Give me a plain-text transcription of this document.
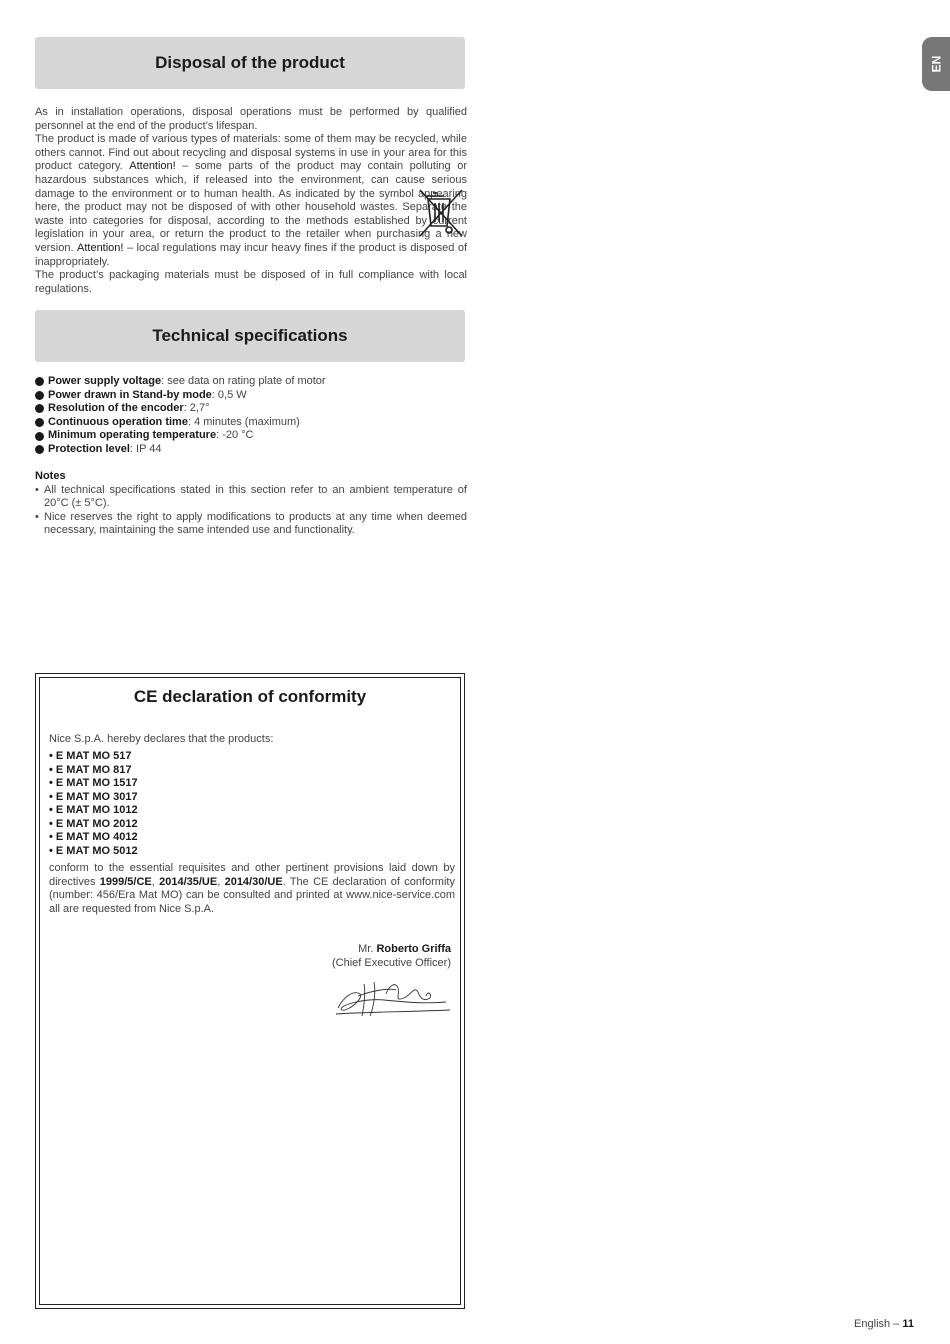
EN
Disposal of the product
As in installation operations, disposal operations must be performed by qualified personnel at the end of the product’s lifespan.
The product is made of various types of materials: some of them may be recycled, while others cannot. Find out about recycling and disposal systems in use in your area for this product category. Attention! – some parts of the product may contain polluting or hazardous substances which, if released into the environment, can cause serious damage to the environment or to human health. As indicated by the symbol appearing here, the product may not be disposed of with other household wastes. Separate the waste into categories for disposal, according to the methods established by current legislation in your area, or return the product to the retailer when purchasing a new version. Attention! – local regulations may incur heavy fines if the product is disposed of inappropriately.
The product’s packaging materials must be disposed of in full compliance with local regulations.
Technical specifications
Power supply voltage : see data on rating plate of motor
Power drawn in Stand-by mode : 0,5 W
Resolution of the encoder : 2,7°
Continuous operation time : 4 minutes (maximum)
Minimum operating temperature : -20 °C
Protection level : IP 44
Notes
• All technical specifications stated in this section refer to an ambient temperature of 20°C (± 5°C).
• Nice reserves the right to apply modifications to products at any time when deemed necessary, maintaining the same intended use and functionality.
CE declaration of conformity
Nice S.p.A. hereby declares that the products:
• E MAT MO 517
• E MAT MO 817
• E MAT MO 1517
• E MAT MO 3017
• E MAT MO 1012
• E MAT MO 2012
• E MAT MO 4012
• E MAT MO 5012
conform to the essential requisites and other pertinent provisions laid down by directives 1999/5/CE, 2014/35/UE, 2014/30/UE. The CE declaration of conformity (number: 456/Era Mat MO) can be consulted and printed at www.nice-service.com all are requested from Nice S.p.A.
Mr. Roberto Griffa
(Chief Executive Officer)
English – 11
